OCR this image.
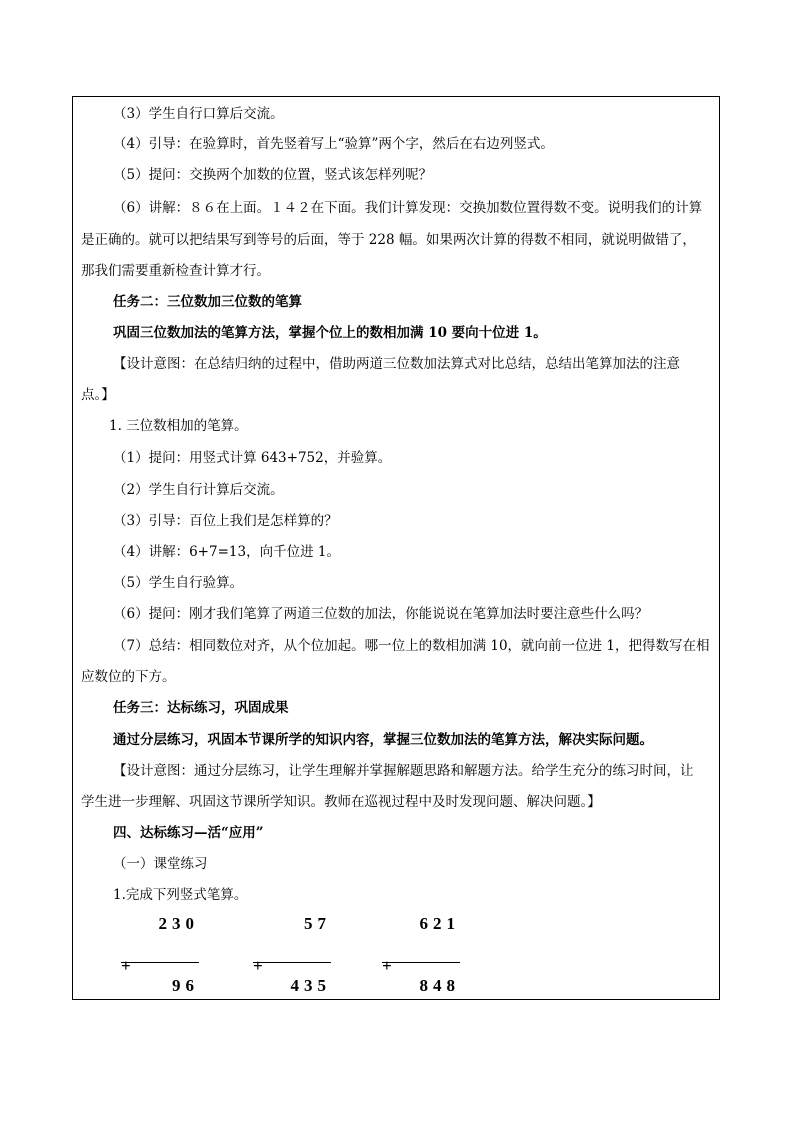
（3）学生自行口算后交流。
（4）引导：在验算时，首先竖着写上“验算”两个字，然后在右边列竖式。
（5）提问：交换两个加数的位置，竖式该怎样列呢？
（6）讲解：８６在上面。１４２在下面。我们计算发现：交换加数位置得数不变。说明我们的计算
是正确的。就可以把结果写到等号的后面，等于 228 幅。如果两次计算的得数不相同，就说明做错了，
那我们需要重新检查计算才行。
任务二：三位数加三位数的笔算
巩固三位数加法的笔算方法，掌握个位上的数相加满 10 要向十位进 1。
【设计意图：在总结归纳的过程中，借助两道三位数加法算式对比总结，总结出笔算加法的注意
点。】
1. 三位数相加的笔算。
（1）提问：用竖式计算 643+752，并验算。
（2）学生自行计算后交流。
（3）引导：百位上我们是怎样算的？
（4）讲解：6+7=13，向千位进 1。
（5）学生自行验算。
（6）提问：刚才我们笔算了两道三位数的加法，你能说说在笔算加法时要注意些什么吗？
（7）总结：相同数位对齐，从个位加起。哪一位上的数相加满 10，就向前一位进 1，把得数写在相
应数位的下方。
任务三：达标练习，巩固成果
通过分层练习，巩固本节课所学的知识内容，掌握三位数加法的笔算方法，解决实际问题。
【设计意图：通过分层练习，让学生理解并掌握解题思路和解题方法。给学生充分的练习时间，让
学生进一步理解、巩固这节课所学知识。教师在巡视过程中及时发现问题、解决问题。】
四、达标练习—活“应用”
（一）课堂练习
1.完成下列竖式笔算。
230

+

96

57

+

435

621

+

848
